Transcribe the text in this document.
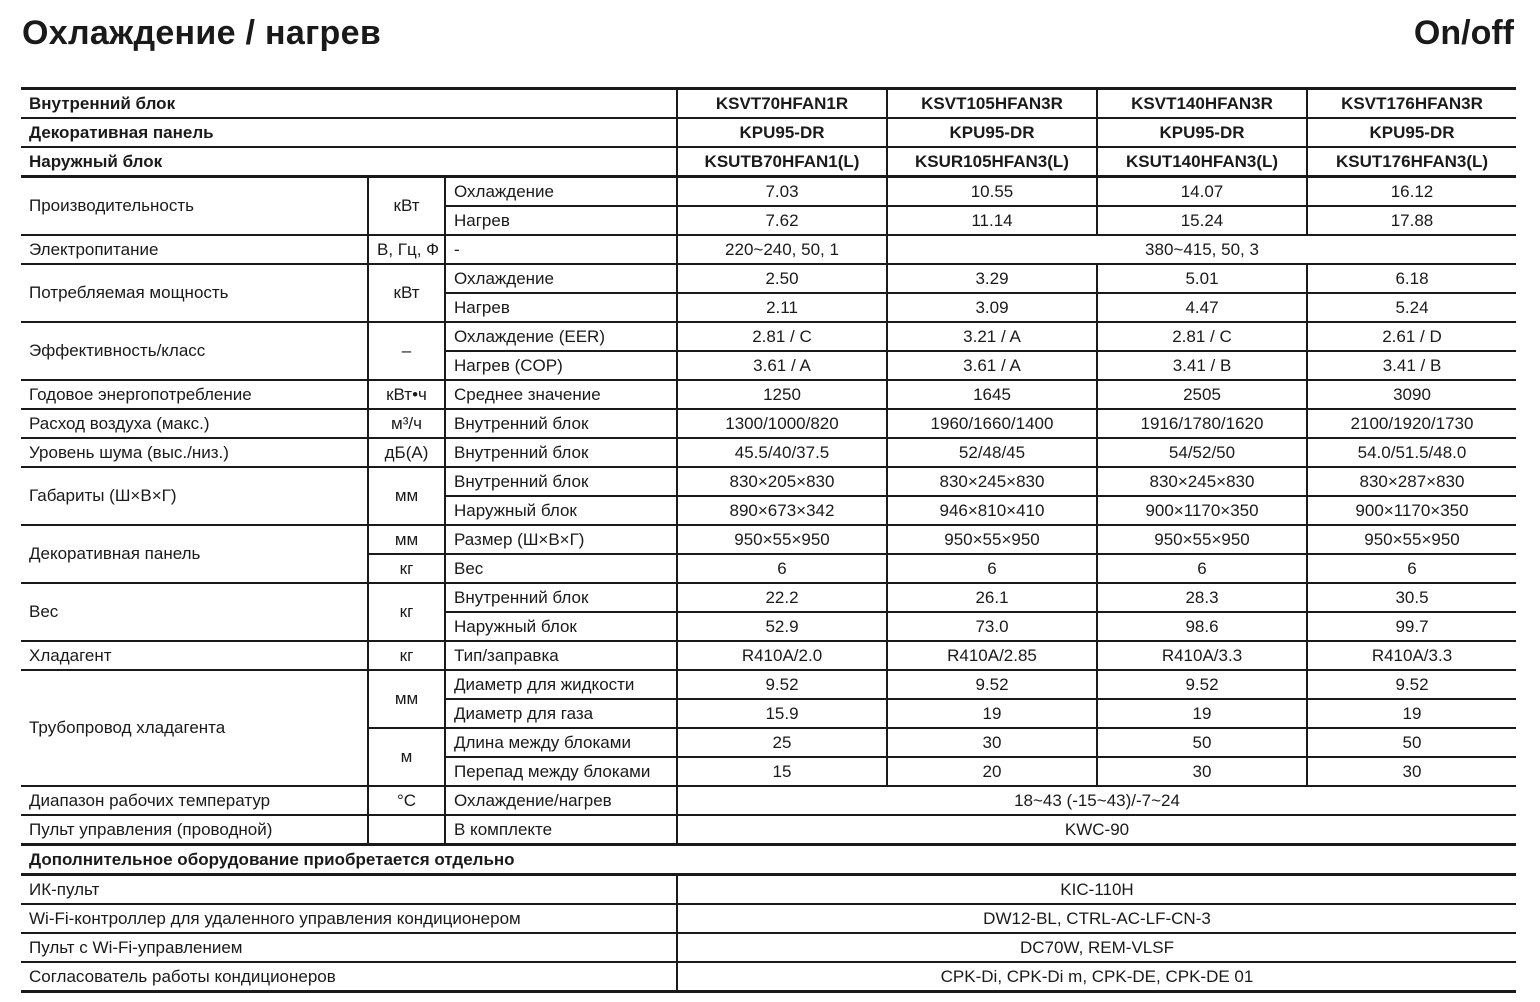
Охлаждение / нагрев	On/off
Внутренний блок			KSVT70HFAN1R	KSVT105HFAN3R	KSVT140HFAN3R	KSVT176HFAN3R
Декоративная панель			KPU95-DR	KPU95-DR	KPU95-DR	KPU95-DR
Наружный блок			KSUTB70HFAN1(L)	KSUR105HFAN3(L)	KSUT140HFAN3(L)	KSUT176HFAN3(L)
Производительность	кВт	Охлаждение	7.03	10.55	14.07	16.12
		Нагрев	7.62	11.14	15.24	17.88
Электропитание	В, Гц, Ф	-	220~240, 50, 1	380~415, 50, 3		
Потребляемая мощность	кВт	Охлаждение	2.50	3.29	5.01	6.18
		Нагрев	2.11	3.09	4.47	5.24
Эффективность/класс	–	Охлаждение (EER)	2.81 / C	3.21 / A	2.81 / C	2.61 / D
		Нагрев (COP)	3.61 / A	3.61 / A	3.41 / B	3.41 / B
Годовое энергопотребление	кВт•ч	Среднее значение	1250	1645	2505	3090
Расход воздуха (макс.)	м³/ч	Внутренний блок	1300/1000/820	1960/1660/1400	1916/1780/1620	2100/1920/1730
Уровень шума (выс./низ.)	дБ(А)	Внутренний блок	45.5/40/37.5	52/48/45	54/52/50	54.0/51.5/48.0
Габариты (Ш×В×Г)	мм	Внутренний блок	830×205×830	830×245×830	830×245×830	830×287×830
		Наружный блок	890×673×342	946×810×410	900×1170×350	900×1170×350
Декоративная панель	мм	Размер (Ш×В×Г)	950×55×950	950×55×950	950×55×950	950×55×950
	кг	Вес	6	6	6	6
Вес	кг	Внутренний блок	22.2	26.1	28.3	30.5
		Наружный блок	52.9	73.0	98.6	99.7
Хладагент	кг	Тип/заправка	R410A/2.0	R410A/2.85	R410A/3.3	R410A/3.3
Трубопровод хладагента	мм	Диаметр для жидкости	9.52	9.52	9.52	9.52
		Диаметр для газа	15.9	19	19	19
	м	Длина между блоками	25	30	50	50
		Перепад между блоками	15	20	30	30
Диапазон рабочих температур	°С	Охлаждение/нагрев	18~43 (-15~43)/-7~24			
Пульт управления (проводной)		В комплекте	KWC-90			
Дополнительное оборудование приобретается отдельно						
ИК-пульт			KIC-110H			
Wi-Fi-контроллер для удаленного управления кондиционером			DW12-BL, CTRL-AC-LF-CN-3			
Пульт с Wi-Fi-управлением			DC70W, REM-VLSF			
Согласователь работы кондиционеров			CPK-Di, CPK-Di m, CPK-DE, CPK-DE 01			
